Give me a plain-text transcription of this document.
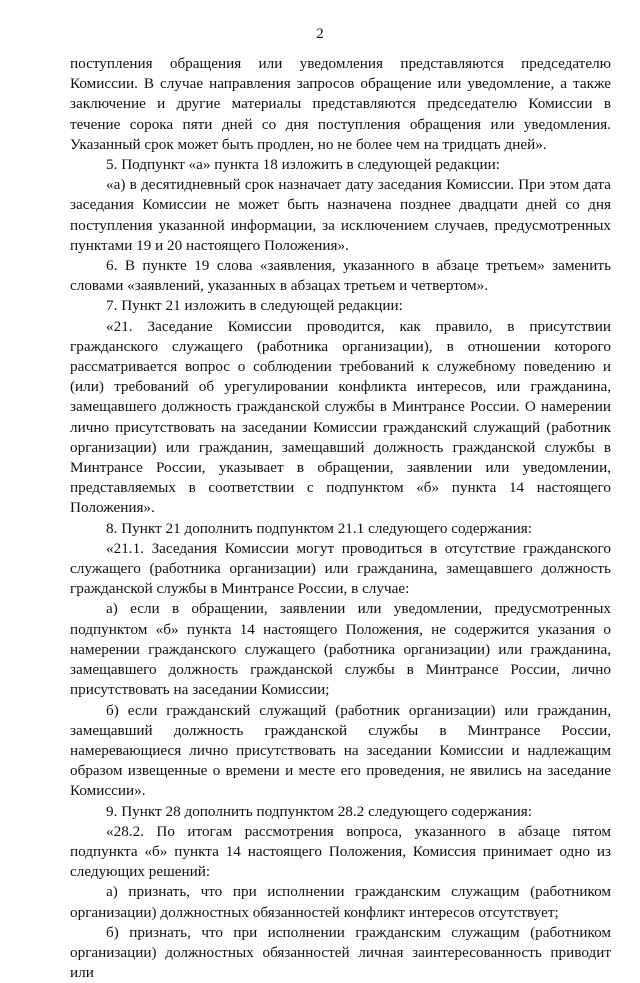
2

поступления обращения или уведомления представляются председателю Комиссии. В случае направления запросов обращение или уведомление, а также заключение и другие материалы представляются председателю Комиссии в течение сорока пяти дней со дня поступления обращения или уведомления. Указанный срок может быть продлен, но не более чем на тридцать дней».

5. Подпункт «а» пункта 18 изложить в следующей редакции:

«а) в десятидневный срок назначает дату заседания Комиссии. При этом дата заседания Комиссии не может быть назначена позднее двадцати дней со дня поступления указанной информации, за исключением случаев, предусмотренных пунктами 19 и 20 настоящего Положения».

6. В пункте 19 слова «заявления, указанного в абзаце третьем» заменить словами «заявлений, указанных в абзацах третьем и четвертом».

7. Пункт 21 изложить в следующей редакции:

«21. Заседание Комиссии проводится, как правило, в присутствии гражданского служащего (работника организации), в отношении которого рассматривается вопрос о соблюдении требований к служебному поведению и (или) требований об урегулировании конфликта интересов, или гражданина, замещавшего должность гражданской службы в Минтрансе России. О намерении лично присутствовать на заседании Комиссии гражданский служащий (работник организации) или гражданин, замещавший должность гражданской службы в Минтрансе России, указывает в обращении, заявлении или уведомлении, представляемых в соответствии с подпунктом «б» пункта 14 настоящего Положения».

8. Пункт 21 дополнить подпунктом 21.1 следующего содержания:

«21.1. Заседания Комиссии могут проводиться в отсутствие гражданского служащего (работника организации) или гражданина, замещавшего должность гражданской службы в Минтрансе России, в случае:

а) если в обращении, заявлении или уведомлении, предусмотренных подпунктом «б» пункта 14 настоящего Положения, не содержится указания о намерении гражданского служащего (работника организации) или гражданина, замещавшего должность гражданской службы в Минтрансе России, лично присутствовать на заседании Комиссии;

б) если гражданский служащий (работник организации) или гражданин, замещавший должность гражданской службы в Минтрансе России, намеревающиеся лично присутствовать на заседании Комиссии и надлежащим образом извещенные о времени и месте его проведения, не явились на заседание Комиссии».

9. Пункт 28 дополнить подпунктом 28.2 следующего содержания:

«28.2. По итогам рассмотрения вопроса, указанного в абзаце пятом подпункта «б» пункта 14 настоящего Положения, Комиссия принимает одно из следующих решений:

а) признать, что при исполнении гражданским служащим (работником организации) должностных обязанностей конфликт интересов отсутствует;

б) признать, что при исполнении гражданским служащим (работником организации) должностных обязанностей личная заинтересованность приводит или
